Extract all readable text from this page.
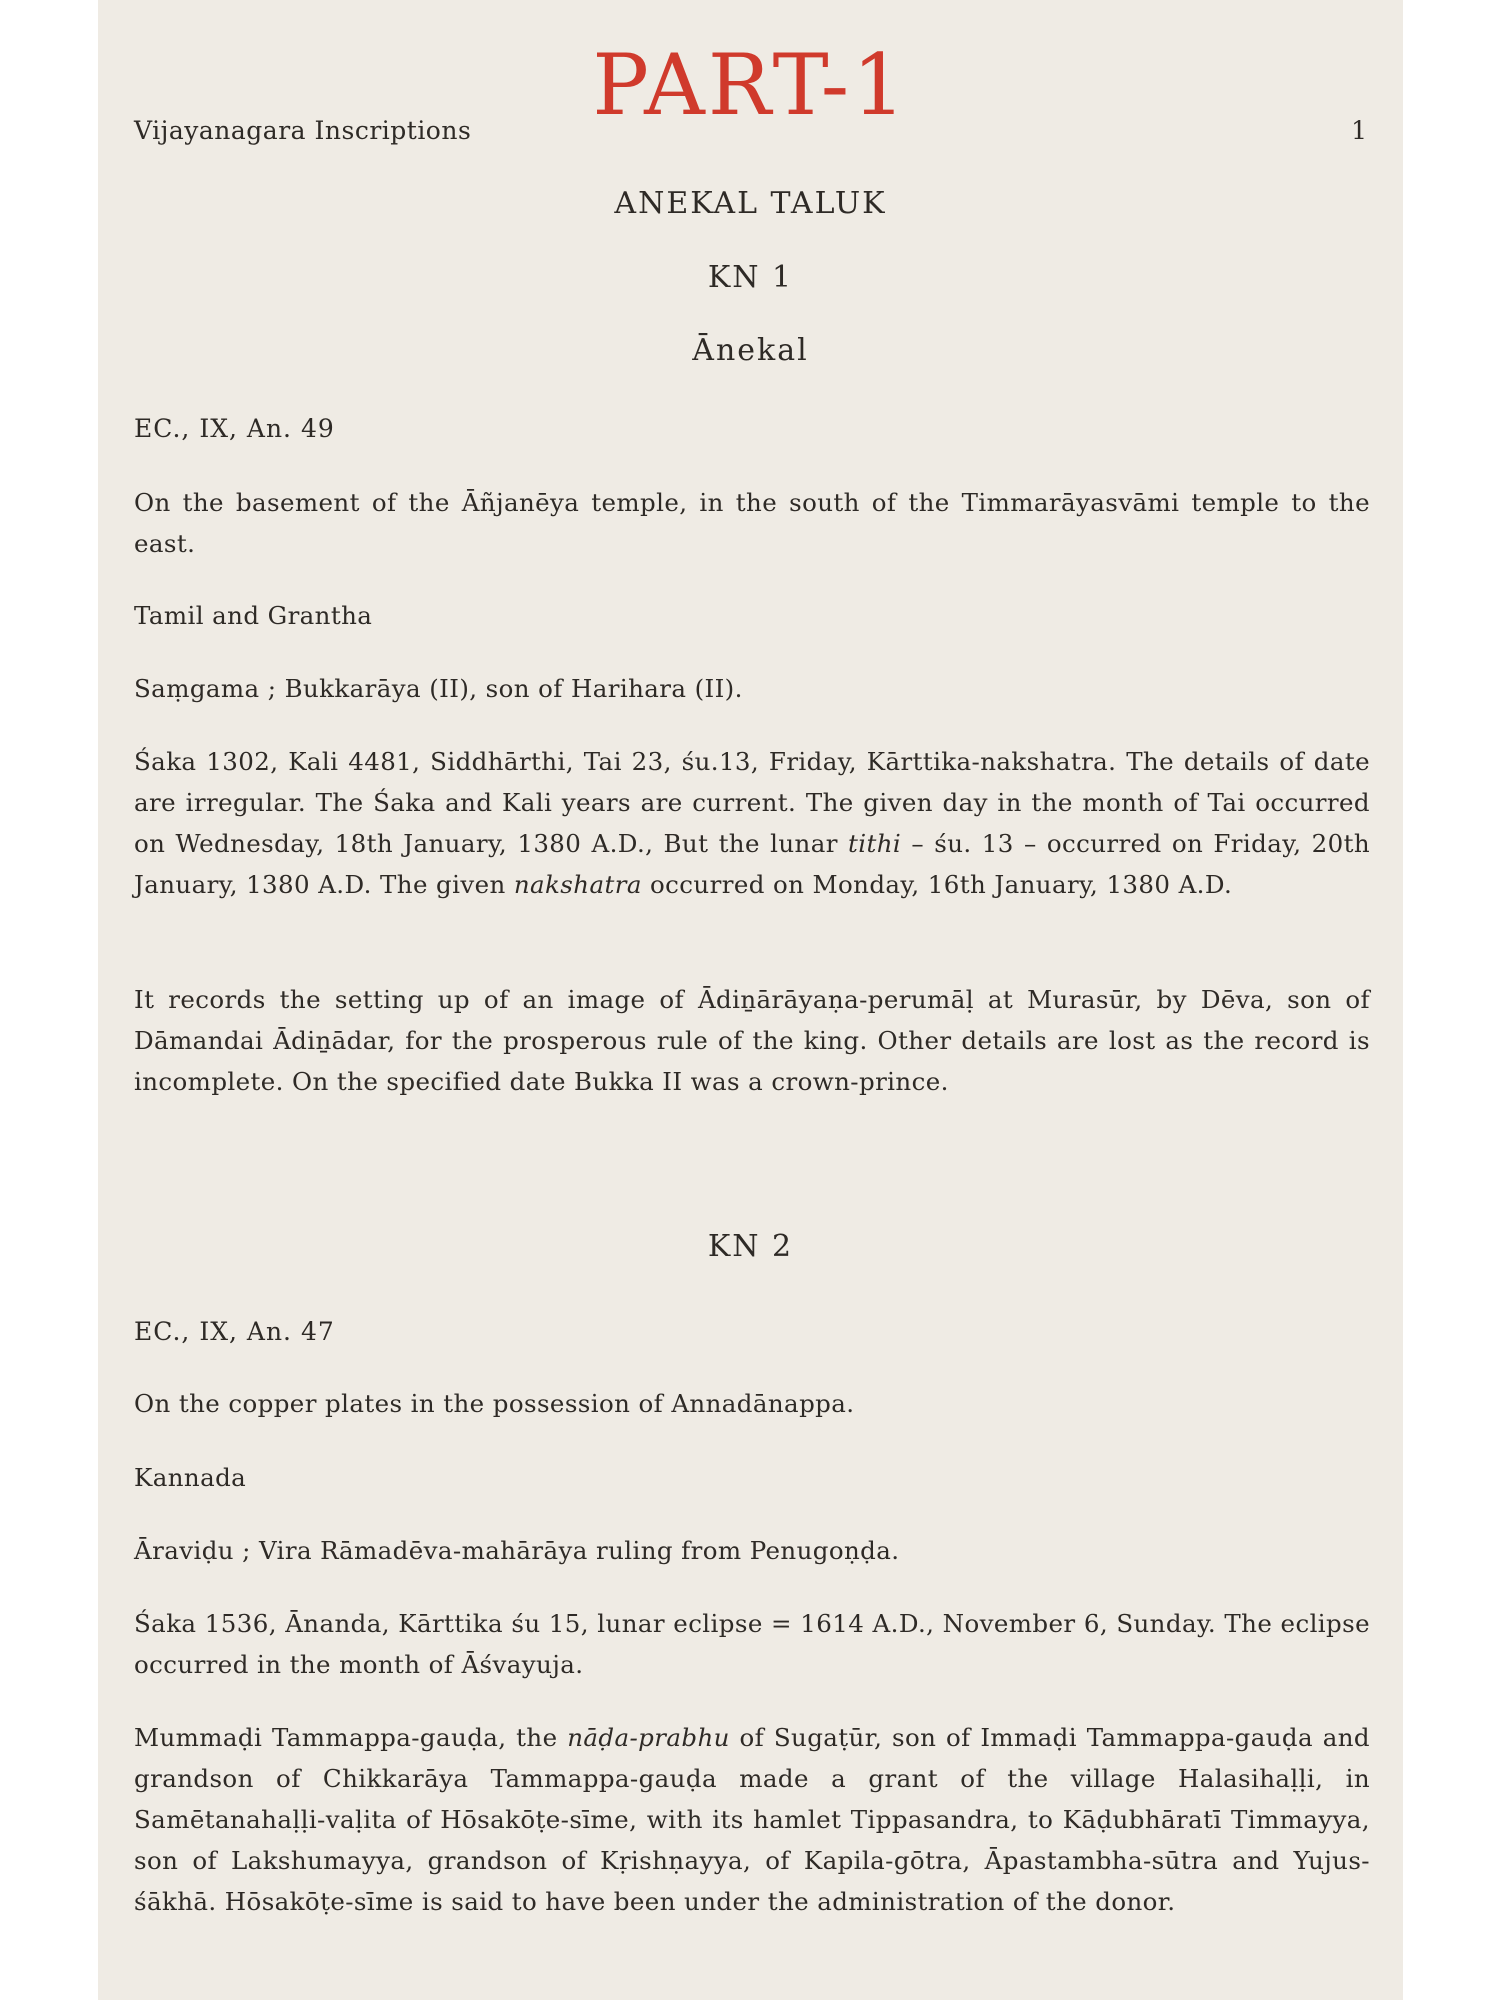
PART-1
Vijayanagara Inscriptions	1
ANEKAL TALUK
KN 1
Ānekal
EC., IX, An. 49
On the basement of the Āñjanēya temple, in the south of the Timmarāyasvāmi temple to the east.
Tamil and Grantha
Saṃgama ; Bukkarāya (II), son of Harihara (II).
Śaka 1302, Kali 4481, Siddhārthi, Tai 23, śu.13, Friday, Kārttika-nakshatra. The details of date are irregular. The Śaka and Kali years are current. The given day in the month of Tai occurred on Wednesday, 18th January, 1380 A.D., But the lunar tithi – śu. 13 – occurred on Friday, 20th January, 1380 A.D. The given nakshatra occurred on Monday, 16th January, 1380 A.D.
It records the setting up of an image of Ādiṉārāyaṇa-perumāḷ at Murasūr, by Dēva, son of Dāmandai Ādiṉādar, for the prosperous rule of the king. Other details are lost as the record is incomplete. On the specified date Bukka II was a crown-prince.
KN 2
EC., IX, An. 47
On the copper plates in the possession of Annadānappa.
Kannada
Āraviḍu ; Vira Rāmadēva-mahārāya ruling from Penugoṇḍa.
Śaka 1536, Ānanda, Kārttika śu 15, lunar eclipse = 1614 A.D., November 6, Sunday. The eclipse occurred in the month of Āśvayuja.
Mummaḍi Tammappa-gauḍa, the nāḍa-prabhu of Sugaṭūr, son of Immaḍi Tammappa-gauḍa and grandson of Chikkarāya Tammappa-gauḍa made a grant of the village Halasihaḷḷi, in Samētanahaḷḷi-vaḷita of Hōsakōṭe-sīme, with its hamlet Tippasandra, to Kāḍubhāratī Timmayya, son of Lakshumayya, grandson of Kṛishṇayya, of Kapila-gōtra, Āpastambha-sūtra and Yujus-śākhā. Hōsakōṭe-sīme is said to have been under the administration of the donor.
